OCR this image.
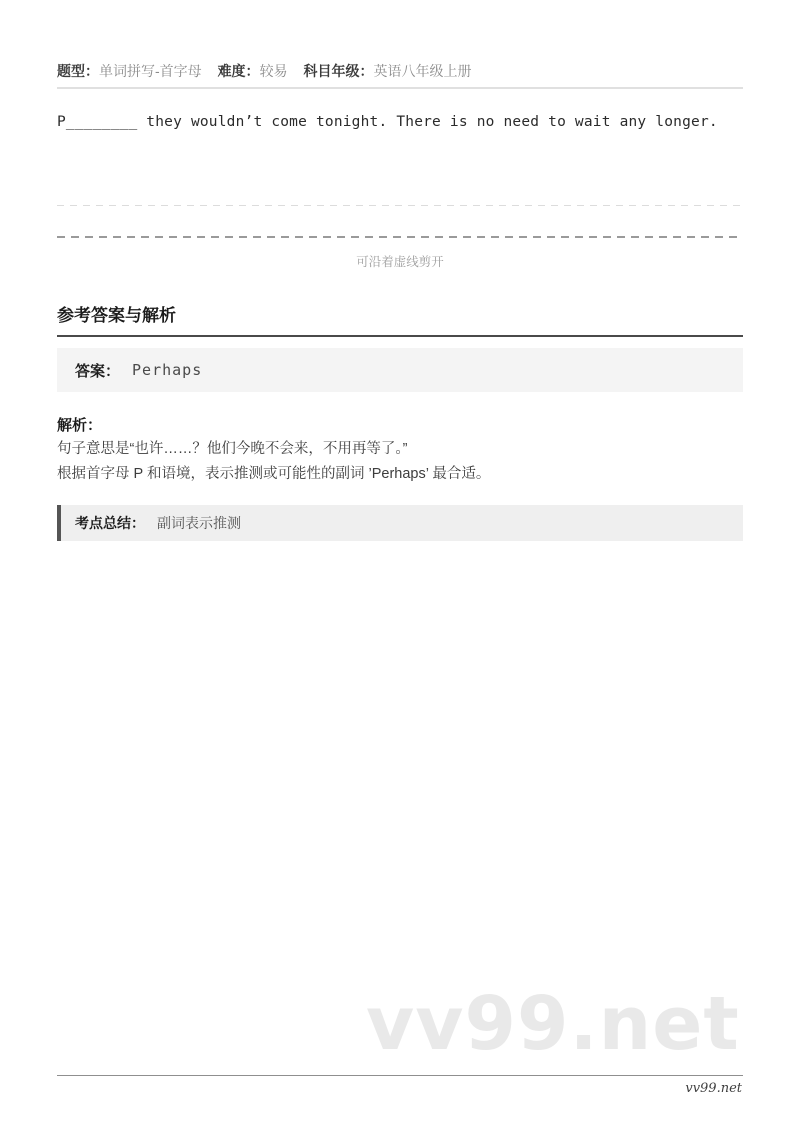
题型：单词拼写-首字母 难度：较易 科目年级：英语八年级上册
P________ they wouldn’t come tonight. There is no need to wait any longer.
可沿着虚线剪开
参考答案与解析
答案： Perhaps
解析：
句子意思是“也许……？他们今晚不会来，不用再等了。”
根据首字母 P 和语境，表示推测或可能性的副词 ’Perhaps’ 最合适。
考点总结： 副词表示推测
vv99.net
vv99.net
